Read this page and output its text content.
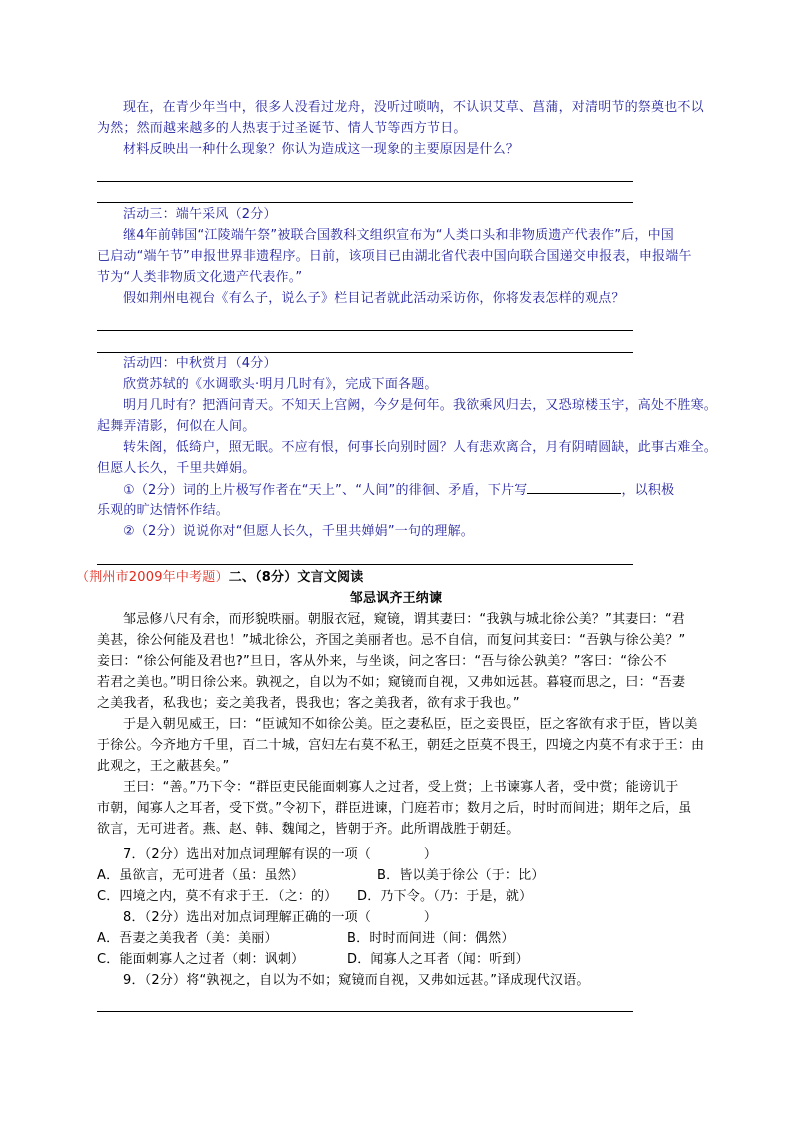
现在，在青少年当中，很多人没看过龙舟，没听过唢呐，不认识艾草、菖蒲，对清明节的祭奠也不以
为然；然而越来越多的人热衷于过圣诞节、情人节等西方节日。
材料反映出一种什么现象？你认为造成这一现象的主要原因是什么？
活动三：端午采风（2分）
继4年前韩国“江陵端午祭”被联合国教科文组织宣布为“人类口头和非物质遗产代表作”后，中国
已启动“端午节”申报世界非遗程序。日前，该项目已由湖北省代表中国向联合国递交申报表，申报端午
节为“人类非物质文化遗产代表作。”
假如荆州电视台《有么子，说么子》栏目记者就此活动采访你，你将发表怎样的观点？
活动四：中秋赏月（4分）
欣赏苏轼的《水调歌头·明月几时有》，完成下面各题。
明月几时有？把酒问青天。不知天上宫阙，今夕是何年。我欲乘风归去，又恐琼楼玉宇，高处不胜寒。
起舞弄清影，何似在人间。
转朱阁，低绮户，照无眠。不应有恨，何事长向别时圆？人有悲欢离合，月有阴晴圆缺，此事古难全。
但愿人长久，千里共婵娟。
①（2分）词的上片极写作者在“天上”、“人间”的徘徊、矛盾，下片写	，以积极
乐观的旷达情怀作结。
②（2分）说说你对“但愿人长久，千里共婵娟”一句的理解。
（荆州市2009年中考题）二、（8分）文言文阅读
邹忌讽齐王纳谏
邹忌修八尺有余，而形貌昳丽。朝服衣冠，窥镜，谓其妻曰：“我孰与城北徐公美？”其妻曰：“君
美甚，徐公何能及君也！”城北徐公，齐国之美丽者也。忌不自信，而复问其妾曰：“吾孰与徐公美？”
妾曰：“徐公何能及君也?”旦日，客从外来，与坐谈，问之客曰：“吾与徐公孰美？”客曰：“徐公不
若君之美也。”明日徐公来。孰视之，自以为不如；窥镜而自视，又弗如远甚。暮寝而思之，曰：“吾妻
之美我者，私我也；妾之美我者，畏我也；客之美我者，欲有求于我也。”
于是入朝见威王，曰：“臣诚知不如徐公美。臣之妻私臣，臣之妾畏臣，臣之客欲有求于臣，皆以美
于徐公。今齐地方千里，百二十城，宫妇左右莫不私王，朝廷之臣莫不畏王，四境之内莫不有求于王：由
此观之，王之蔽甚矣。”
王曰：“善。”乃下令：“群臣吏民能面刺寡人之过者，受上赏；上书谏寡人者，受中赏；能谤讥于
市朝，闻寡人之耳者，受下赏。”令初下，群臣进谏，门庭若市；数月之后，时时而间进；期年之后，虽
欲言，无可进者。燕、赵、韩、魏闻之，皆朝于齐。此所谓战胜于朝廷。
7．（2分）选出对加点词理解有误的一项（　　　　）
A．虽欲言，无可进者（虽：虽然）	B．皆以美于徐公（于：比）
C．四境之内，莫不有求于王．（之：的） D．乃下令。（乃：于是，就）
8．（2分）选出对加点词理解正确的一项（　　　　）
A．吾妻之美我者（美：美丽）	B．时时而间进（间：偶然）
C．能面刺寡人之过者（刺：讽刺）	D．闻寡人之耳者（闻：听到）
9．（2分）将“孰视之，自以为不如；窥镜而自视，又弗如远甚。”译成现代汉语。
